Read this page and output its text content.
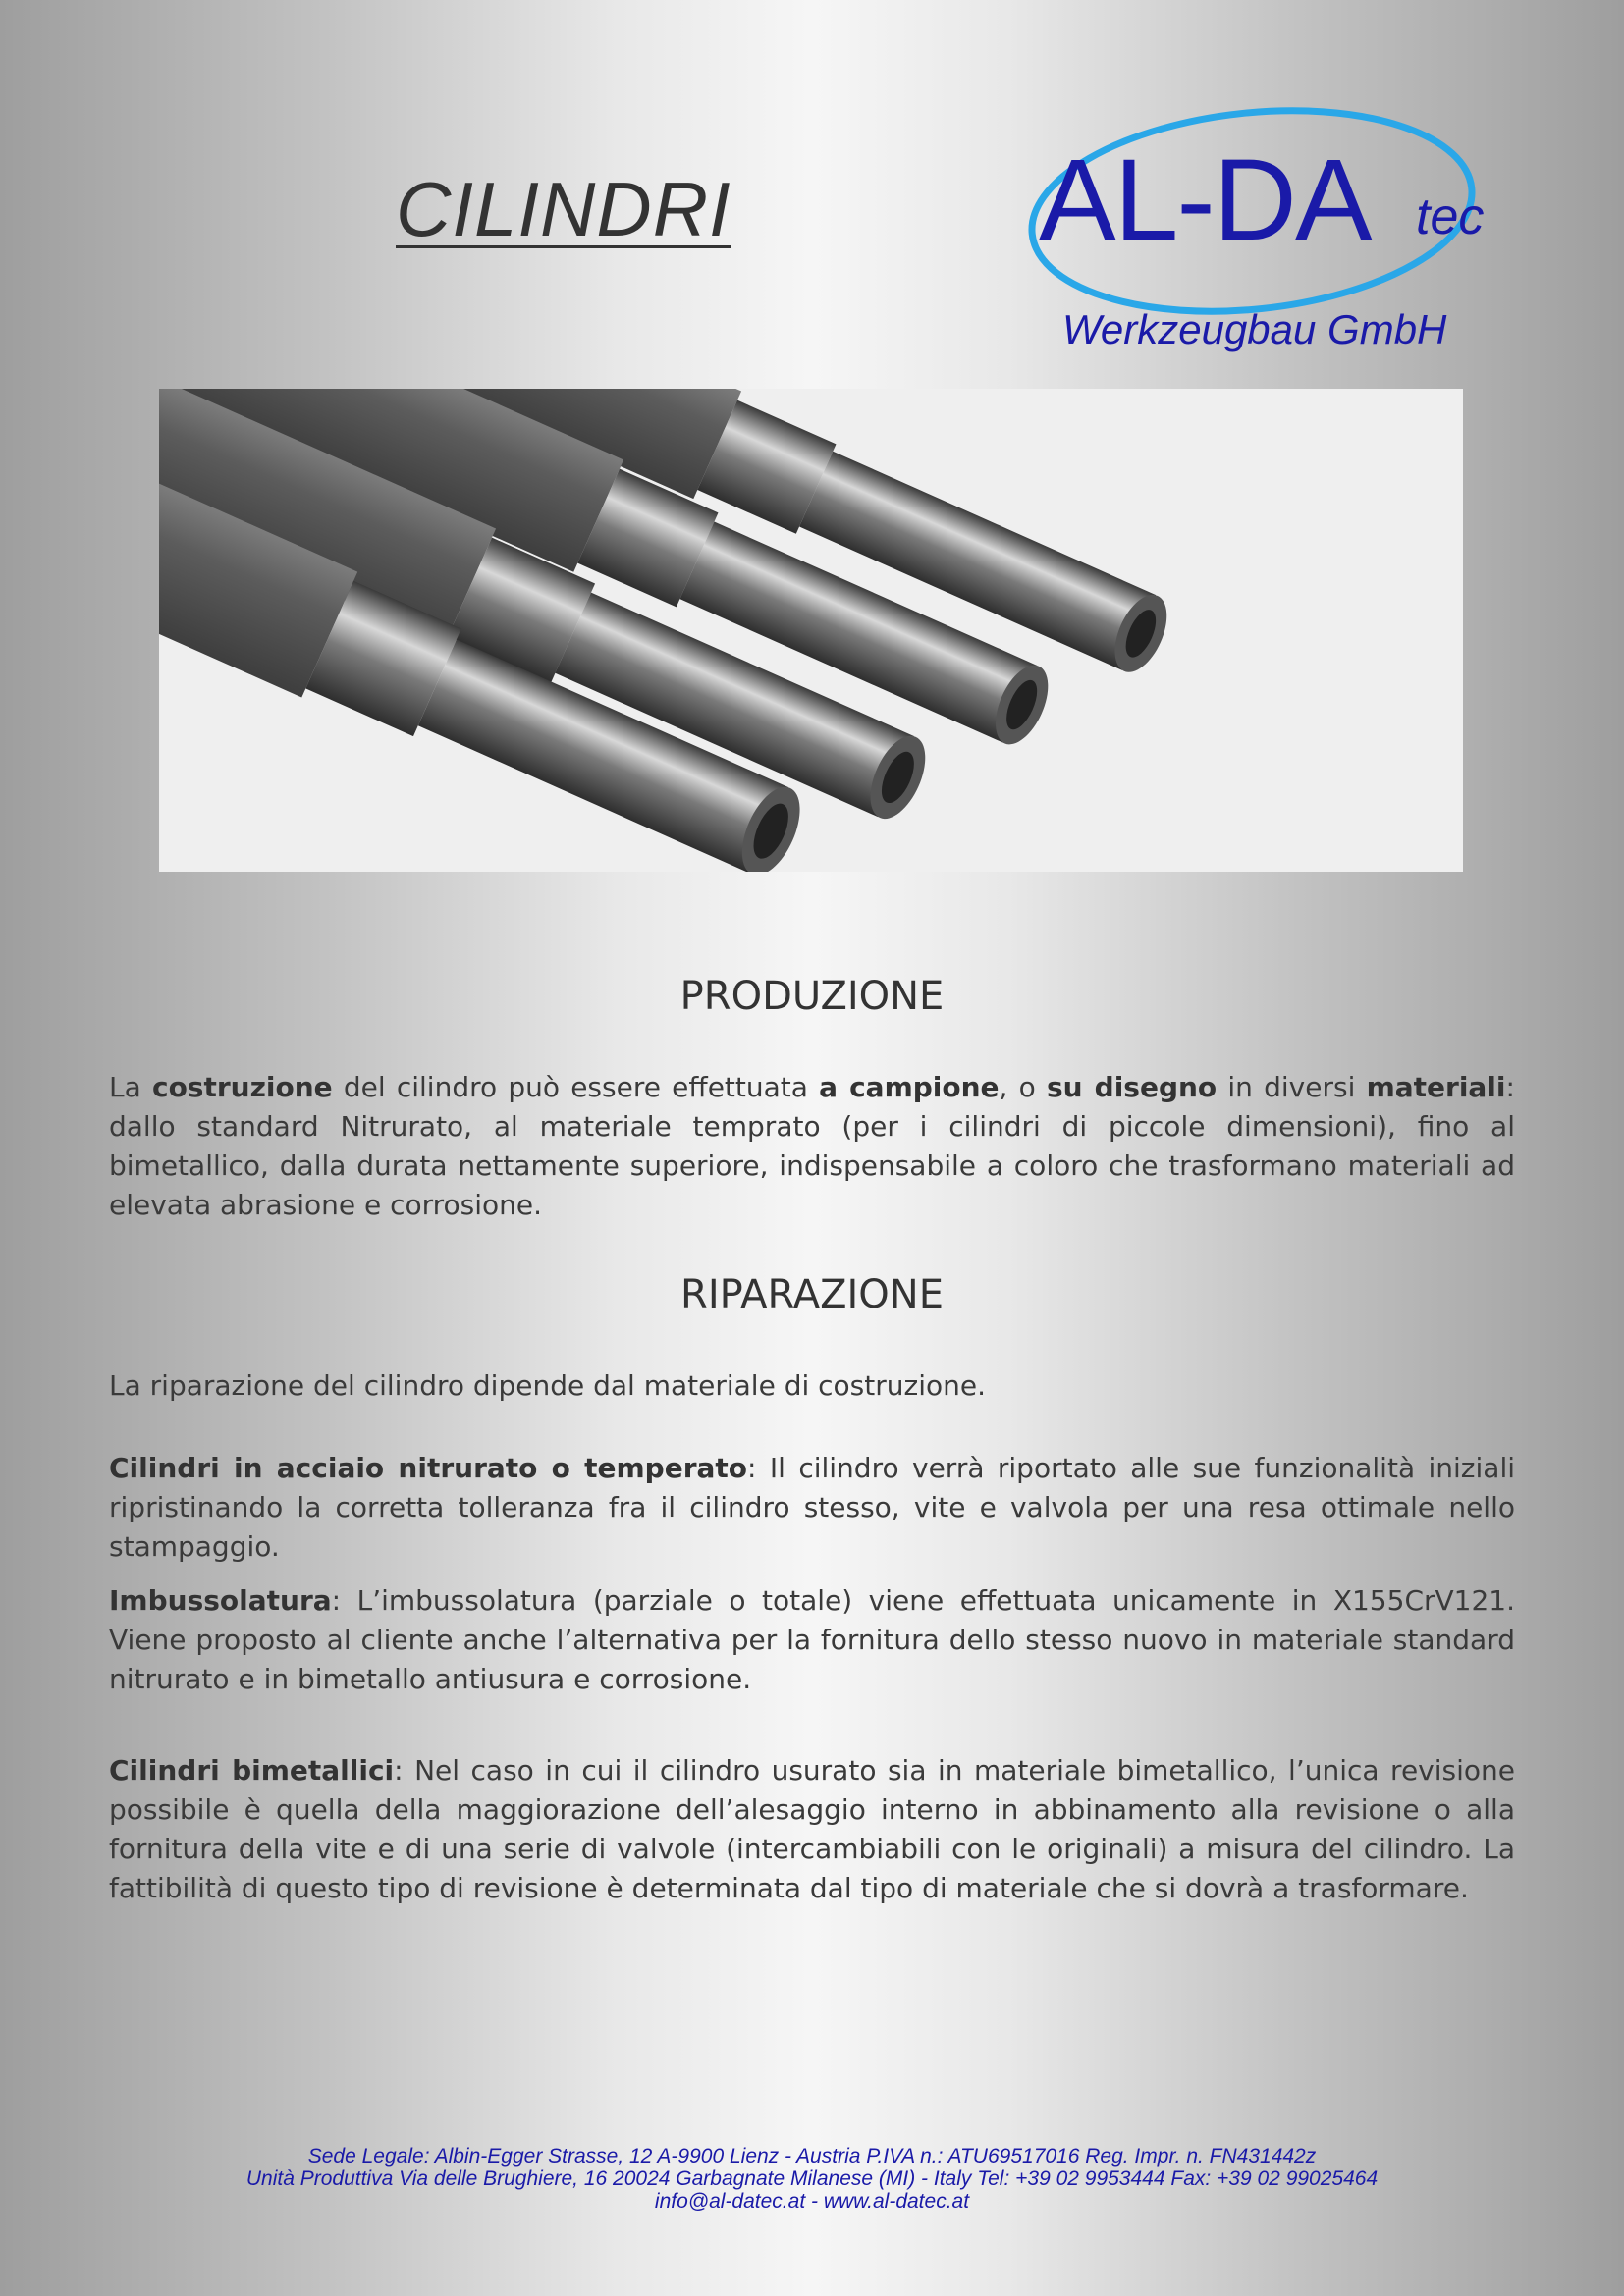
CILINDRI	AL-DA tec
Werkzeugbau GmbH
PRODUZIONE

La costruzione del cilindro può essere effettuata a campione, o su disegno in diversi materiali: dallo standard Nitrurato, al materiale temprato (per i cilindri di piccole dimensioni), fino al bimetallico, dalla durata nettamente superiore, indispensabile a coloro che trasformano materiali ad elevata abrasione e corrosione.

RIPARAZIONE

La riparazione del cilindro dipende dal materiale di costruzione.

Cilindri in acciaio nitrurato o temperato: Il cilindro verrà riportato alle sue funzionalità iniziali ripristinando la corretta tolleranza fra il cilindro stesso, vite e valvola per una resa ottimale nello stampaggio.

Imbussolatura: L’imbussolatura (parziale o totale) viene effettuata unicamente in X155CrV121. Viene proposto al cliente anche l’alternativa per la fornitura dello stesso nuovo in materiale standard nitrurato e in bimetallo antiusura e corrosione.

Cilindri bimetallici: Nel caso in cui il cilindro usurato sia in materiale bimetallico, l’unica revisione possibile è quella della maggiorazione dell’alesaggio interno in abbinamento alla revisione o alla fornitura della vite e di una serie di valvole (intercambiabili con le originali) a misura del cilindro. La fattibilità di questo tipo di revisione è determinata dal tipo di materiale che si dovrà a trasformare.

Sede Legale: Albin-Egger Strasse, 12 A-9900 Lienz - Austria P.IVA n.: ATU69517016 Reg. Impr. n. FN431442z
Unità Produttiva Via delle Brughiere, 16 20024 Garbagnate Milanese (MI) - Italy Tel: +39 02 9953444 Fax: +39 02 99025464
info@al-datec.at - www.al-datec.at
